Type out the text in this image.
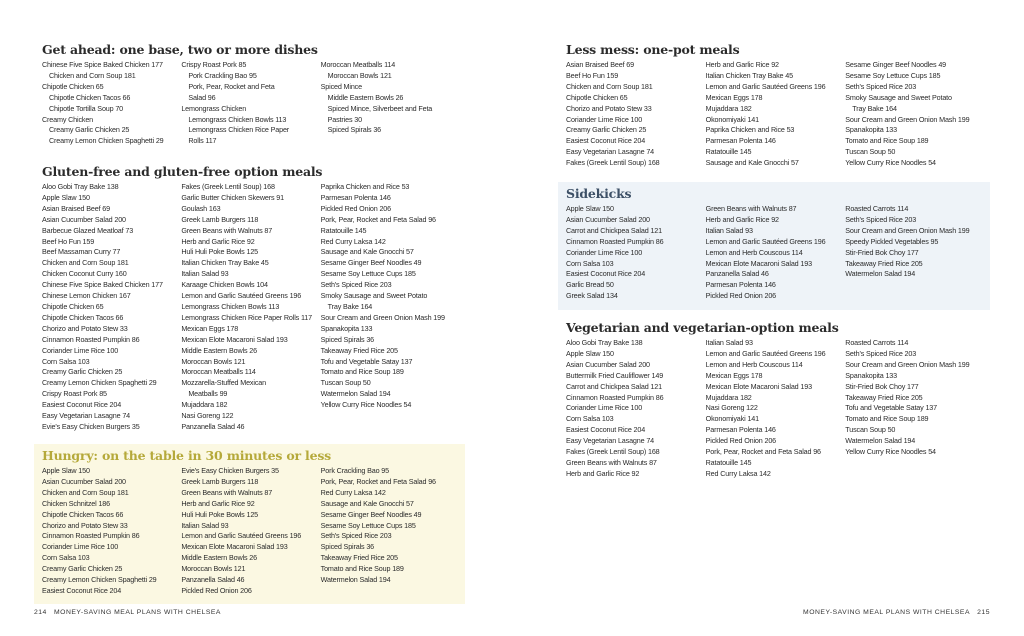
Get ahead: one base, two or more dishes
Chinese Five Spice Baked Chicken 177
Chicken and Corn Soup 181
Chipotle Chicken 65
Chipotle Chicken Tacos 66
Chipotle Tortilla Soup 70
Creamy Chicken
Creamy Garlic Chicken 25
Creamy Lemon Chicken Spaghetti 29
Crispy Roast Pork 85
Pork Crackling Bao 95
Pork, Pear, Rocket and Feta
Salad 96
Lemongrass Chicken
Lemongrass Chicken Bowls 113
Lemongrass Chicken Rice Paper
Rolls 117
Moroccan Meatballs 114
Moroccan Bowls 121
Spiced Mince
Middle Eastern Bowls 26
Spiced Mince, Silverbeet and Feta
Pastries 30
Spiced Spirals 36
Gluten-free and gluten-free option meals
Aloo Gobi Tray Bake 138
Apple Slaw 150
Asian Braised Beef 69
Asian Cucumber Salad 200
Barbecue Glazed Meatloaf 73
Beef Ho Fun 159
Beef Massaman Curry 77
Chicken and Corn Soup 181
Chicken Coconut Curry 160
Chinese Five Spice Baked Chicken 177
Chinese Lemon Chicken 167
Chipotle Chicken 65
Chipotle Chicken Tacos 66
Chorizo and Potato Stew 33
Cinnamon Roasted Pumpkin 86
Coriander Lime Rice 100
Corn Salsa 103
Creamy Garlic Chicken 25
Creamy Lemon Chicken Spaghetti 29
Crispy Roast Pork 85
Easiest Coconut Rice 204
Easy Vegetarian Lasagne 74
Evie's Easy Chicken Burgers 35
Fakes (Greek Lentil Soup) 168
Garlic Butter Chicken Skewers 91
Goulash 163
Greek Lamb Burgers 118
Green Beans with Walnuts 87
Herb and Garlic Rice 92
Huli Huli Poke Bowls 125
Italian Chicken Tray Bake 45
Italian Salad 93
Karaage Chicken Bowls 104
Lemon and Garlic Sautéed Greens 196
Lemongrass Chicken Bowls 113
Lemongrass Chicken Rice Paper Rolls 117
Mexican Eggs 178
Mexican Elote Macaroni Salad 193
Middle Eastern Bowls 26
Moroccan Bowls 121
Moroccan Meatballs 114
Mozzarella-Stuffed Mexican
Meatballs 99
Mujaddara 182
Nasi Goreng 122
Panzanella Salad 46
Paprika Chicken and Rice 53
Parmesan Polenta 146
Pickled Red Onion 206
Pork, Pear, Rocket and Feta Salad 96
Ratatouille 145
Red Curry Laksa 142
Sausage and Kale Gnocchi 57
Sesame Ginger Beef Noodles 49
Sesame Soy Lettuce Cups 185
Seth's Spiced Rice 203
Smoky Sausage and Sweet Potato
Tray Bake 164
Sour Cream and Green Onion Mash 199
Spanakopita 133
Spiced Spirals 36
Takeaway Fried Rice 205
Tofu and Vegetable Satay 137
Tomato and Rice Soup 189
Tuscan Soup 50
Watermelon Salad 194
Yellow Curry Rice Noodles 54
Hungry: on the table in 30 minutes or less
Apple Slaw 150
Asian Cucumber Salad 200
Chicken and Corn Soup 181
Chicken Schnitzel 186
Chipotle Chicken Tacos 66
Chorizo and Potato Stew 33
Cinnamon Roasted Pumpkin 86
Coriander Lime Rice 100
Corn Salsa 103
Creamy Garlic Chicken 25
Creamy Lemon Chicken Spaghetti 29
Easiest Coconut Rice 204
Evie's Easy Chicken Burgers 35
Greek Lamb Burgers 118
Green Beans with Walnuts 87
Herb and Garlic Rice 92
Huli Huli Poke Bowls 125
Italian Salad 93
Lemon and Garlic Sautéed Greens 196
Mexican Elote Macaroni Salad 193
Middle Eastern Bowls 26
Moroccan Bowls 121
Panzanella Salad 46
Pickled Red Onion 206
Pork Crackling Bao 95
Pork, Pear, Rocket and Feta Salad 96
Red Curry Laksa 142
Sausage and Kale Gnocchi 57
Sesame Ginger Beef Noodles 49
Sesame Soy Lettuce Cups 185
Seth's Spiced Rice 203
Spiced Spirals 36
Takeaway Fried Rice 205
Tomato and Rice Soup 189
Watermelon Salad 194
Less mess: one-pot meals
Asian Braised Beef 69
Beef Ho Fun 159
Chicken and Corn Soup 181
Chipotle Chicken 65
Chorizo and Potato Stew 33
Coriander Lime Rice 100
Creamy Garlic Chicken 25
Easiest Coconut Rice 204
Easy Vegetarian Lasagne 74
Fakes (Greek Lentil Soup) 168
Herb and Garlic Rice 92
Italian Chicken Tray Bake 45
Lemon and Garlic Sautéed Greens 196
Mexican Eggs 178
Mujaddara 182
Okonomiyaki 141
Paprika Chicken and Rice 53
Parmesan Polenta 146
Ratatouille 145
Sausage and Kale Gnocchi 57
Sesame Ginger Beef Noodles 49
Sesame Soy Lettuce Cups 185
Seth's Spiced Rice 203
Smoky Sausage and Sweet Potato
Tray Bake 164
Sour Cream and Green Onion Mash 199
Spanakopita 133
Tomato and Rice Soup 189
Tuscan Soup 50
Yellow Curry Rice Noodles 54
Sidekicks
Apple Slaw 150
Asian Cucumber Salad 200
Carrot and Chickpea Salad 121
Cinnamon Roasted Pumpkin 86
Coriander Lime Rice 100
Corn Salsa 103
Easiest Coconut Rice 204
Garlic Bread 50
Greek Salad 134
Green Beans with Walnuts 87
Herb and Garlic Rice 92
Italian Salad 93
Lemon and Garlic Sautéed Greens 196
Lemon and Herb Couscous 114
Mexican Elote Macaroni Salad 193
Panzanella Salad 46
Parmesan Polenta 146
Pickled Red Onion 206
Roasted Carrots 114
Seth's Spiced Rice 203
Sour Cream and Green Onion Mash 199
Speedy Pickled Vegetables 95
Stir-Fried Bok Choy 177
Takeaway Fried Rice 205
Watermelon Salad 194
Vegetarian and vegetarian-option meals
Aloo Gobi Tray Bake 138
Apple Slaw 150
Asian Cucumber Salad 200
Buttermilk Fried Cauliflower 149
Carrot and Chickpea Salad 121
Cinnamon Roasted Pumpkin 86
Coriander Lime Rice 100
Corn Salsa 103
Easiest Coconut Rice 204
Easy Vegetarian Lasagne 74
Fakes (Greek Lentil Soup) 168
Green Beans with Walnuts 87
Herb and Garlic Rice 92
Italian Salad 93
Lemon and Garlic Sautéed Greens 196
Lemon and Herb Couscous 114
Mexican Eggs 178
Mexican Elote Macaroni Salad 193
Mujaddara 182
Nasi Goreng 122
Okonomiyaki 141
Parmesan Polenta 146
Pickled Red Onion 206
Pork, Pear, Rocket and Feta Salad 96
Ratatouille 145
Red Curry Laksa 142
Roasted Carrots 114
Seth's Spiced Rice 203
Sour Cream and Green Onion Mash 199
Spanakopita 133
Stir-Fried Bok Choy 177
Takeaway Fried Rice 205
Tofu and Vegetable Satay 137
Tomato and Rice Soup 189
Tuscan Soup 50
Watermelon Salad 194
Yellow Curry Rice Noodles 54
214 MONEY-SAVING MEAL PLANS WITH CHELSEA	MONEY-SAVING MEAL PLANS WITH CHELSEA 215
